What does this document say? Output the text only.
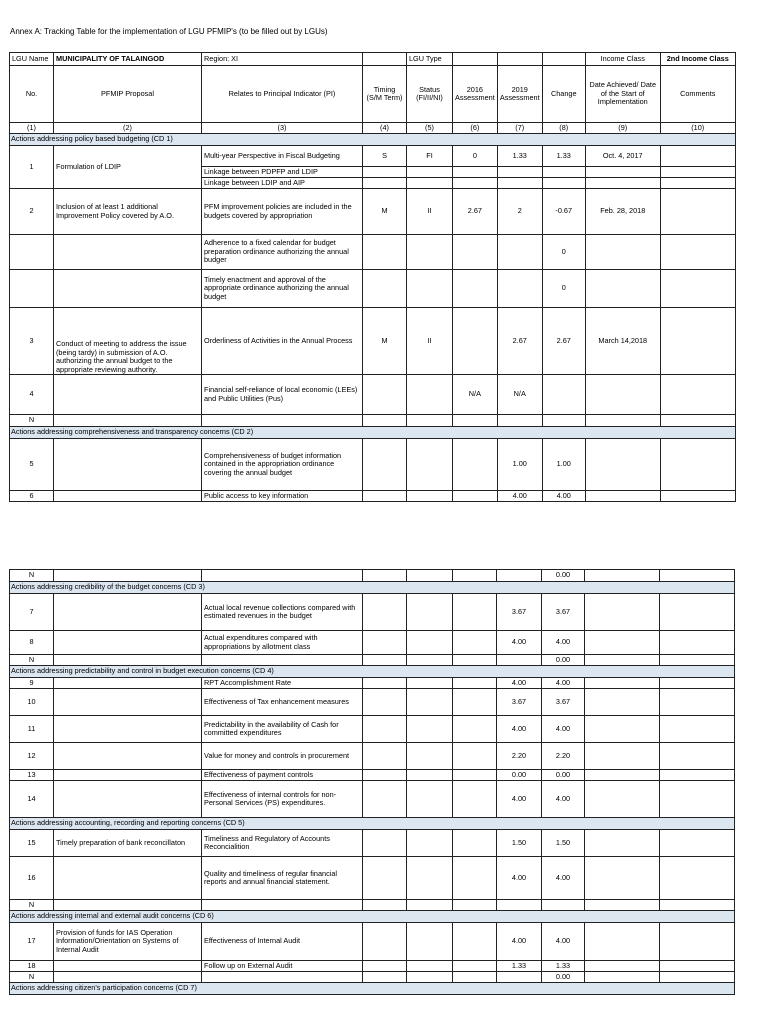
Annex A: Tracking Table for the implementation of LGU PFMIP's (to be filled out by LGUs)
LGU Name	MUNICIPALITY OF TALAINGOD	Region: XI		LGU Type				Income Class	2nd Income Class
No.	PFMIP Proposal	Relates to Principal Indicator (PI)	Timing (S/M Term)	Status (FI/II/NI)	2016 Assessment	2019 Assessment	Change	Date Achieved/ Date of the Start of Implementation	Comments
(1)	(2)	(3)	(4)	(5)	(6)	(7)	(8)	(9)	(10)
Actions addressing policy based budgeting (CD 1)									
1	Formulation of LDIP	Multi-year Perspective in Fiscal Budgeting	S	FI	0	1.33	1.33	Oct. 4, 2017	
		Linkage between PDPFP and LDIP							
		Linkage between LDIP and AIP							
2	Inclusion of at least 1 additional Improvement Policy covered by A.O.	PFM improvement policies are included in the budgets covered by appropriation	M	II	2.67	2	-0.67	Feb. 28, 2018	
		Adherence to a fixed calendar for budget preparation ordinance authorizing the annual budger					0		
		Timely enactment and approval of the appropriate ordinance authorizing the annual budget					0		
3	Conduct of meeting to address the issue (being tardy) in submission of A.O. authorizing the annual budget to the appropriate reviewing authority.	Orderliness of Activities in the Annual Process	M	II		2.67	2.67	March 14,2018	
4		Financial self-reliance of local economic (LEEs) and Public Utilities (Pus)			N/A	N/A			
N									
Actions addressing comprehensiveness and transparency concerns (CD 2)									
5		Comprehensiveness of budget information contained in the appropriation ordinance covering the annual budget				1.00	1.00		
6		Public access to key information				4.00	4.00		
N							0.00		
Actions addressing credibility of the budget concerns (CD 3)									
7		Actual local revenue collections compared with estimated revenues in the budget				3.67	3.67		
8		Actual expenditures compared with appropriations by allotment class				4.00	4.00		
N							0.00		
Actions addressing predictability and control in budget execution concerns (CD 4)									
9		RPT Accomplishment Rate				4.00	4.00		
10		Effectiveness of Tax enhancement measures				3.67	3.67		
11		Predictability in the availability of Cash for committed expenditures				4.00	4.00		
12		Value for money and controls in procurement				2.20	2.20		
13		Effectiveness of payment controls				0.00	0.00		
14		Effectiveness of internal controls for non- Personal Services (PS) expenditures.				4.00	4.00		
Actions addressing accounting, recording and reporting concerns (CD 5)									
15	Timely preparation of bank reconcillaton	Timeliness and Regulatory of Accounts Reconcialition				1.50	1.50		
16		Quality and timeliness of regular financial reports and annual financial statement.				4.00	4.00		
N									
Actions addressing internal and external audit concerns (CD 6)									
17	Provision of funds for IAS Operation Information/Orientation on Systems of Internal Audit	Effectiveness of Internal Audit				4.00	4.00		
18		Follow up on External Audit				1.33	1.33		
N							0.00		
Actions addressing citizen's participation concerns (CD 7)									
